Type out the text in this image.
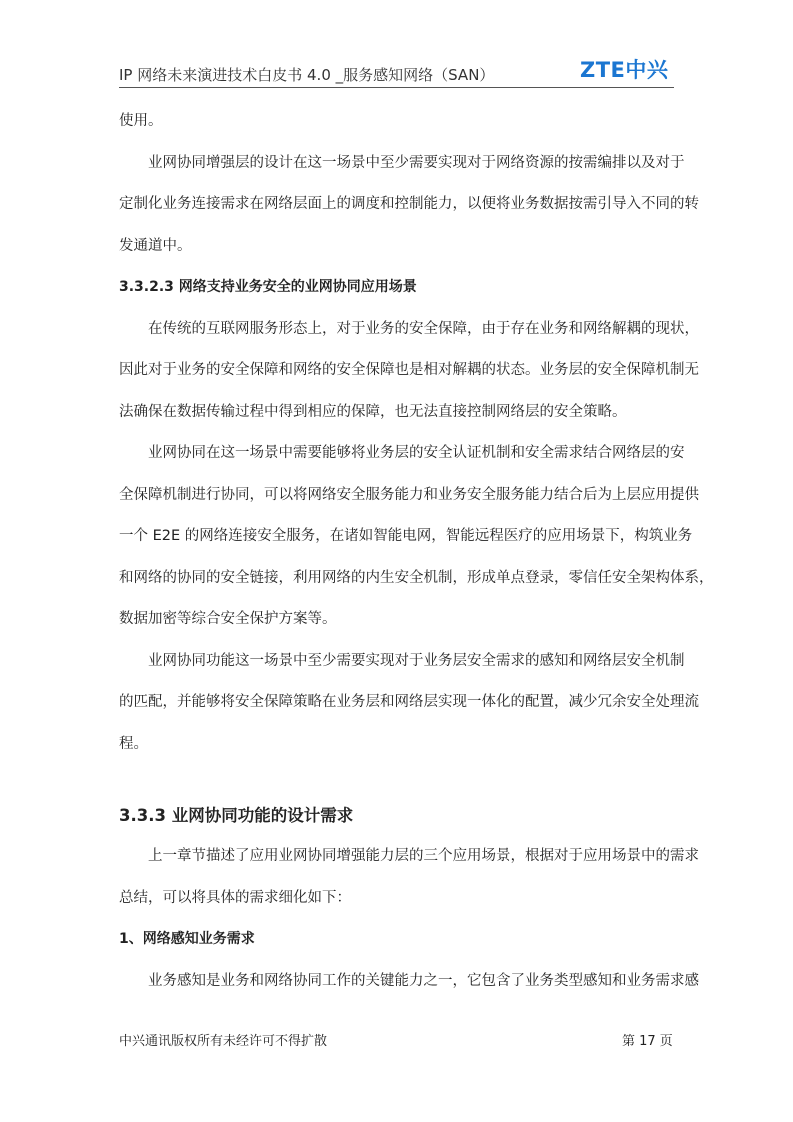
IP 网络未来演进技术白皮书 4.0 _服务感知网络（SAN）	ZTE中兴

使用。

业网协同增强层的设计在这一场景中至少需要实现对于网络资源的按需编排以及对于
定制化业务连接需求在网络层面上的调度和控制能力，以便将业务数据按需引导入不同的转
发通道中。

3.3.2.3 网络支持业务安全的业网协同应用场景

在传统的互联网服务形态上，对于业务的安全保障，由于存在业务和网络解耦的现状，
因此对于业务的安全保障和网络的安全保障也是相对解耦的状态。业务层的安全保障机制无
法确保在数据传输过程中得到相应的保障，也无法直接控制网络层的安全策略。

业网协同在这一场景中需要能够将业务层的安全认证机制和安全需求结合网络层的安
全保障机制进行协同，可以将网络安全服务能力和业务安全服务能力结合后为上层应用提供
一个 E2E 的网络连接安全服务，在诸如智能电网，智能远程医疗的应用场景下，构筑业务
和网络的协同的安全链接，利用网络的内生安全机制，形成单点登录，零信任安全架构体系，
数据加密等综合安全保护方案等。

业网协同功能这一场景中至少需要实现对于业务层安全需求的感知和网络层安全机制
的匹配，并能够将安全保障策略在业务层和网络层实现一体化的配置，减少冗余安全处理流
程。

3.3.3 业网协同功能的设计需求

上一章节描述了应用业网协同增强能力层的三个应用场景，根据对于应用场景中的需求
总结，可以将具体的需求细化如下：

1、网络感知业务需求

业务感知是业务和网络协同工作的关键能力之一，它包含了业务类型感知和业务需求感

中兴通讯版权所有未经许可不得扩散	第 17 页
